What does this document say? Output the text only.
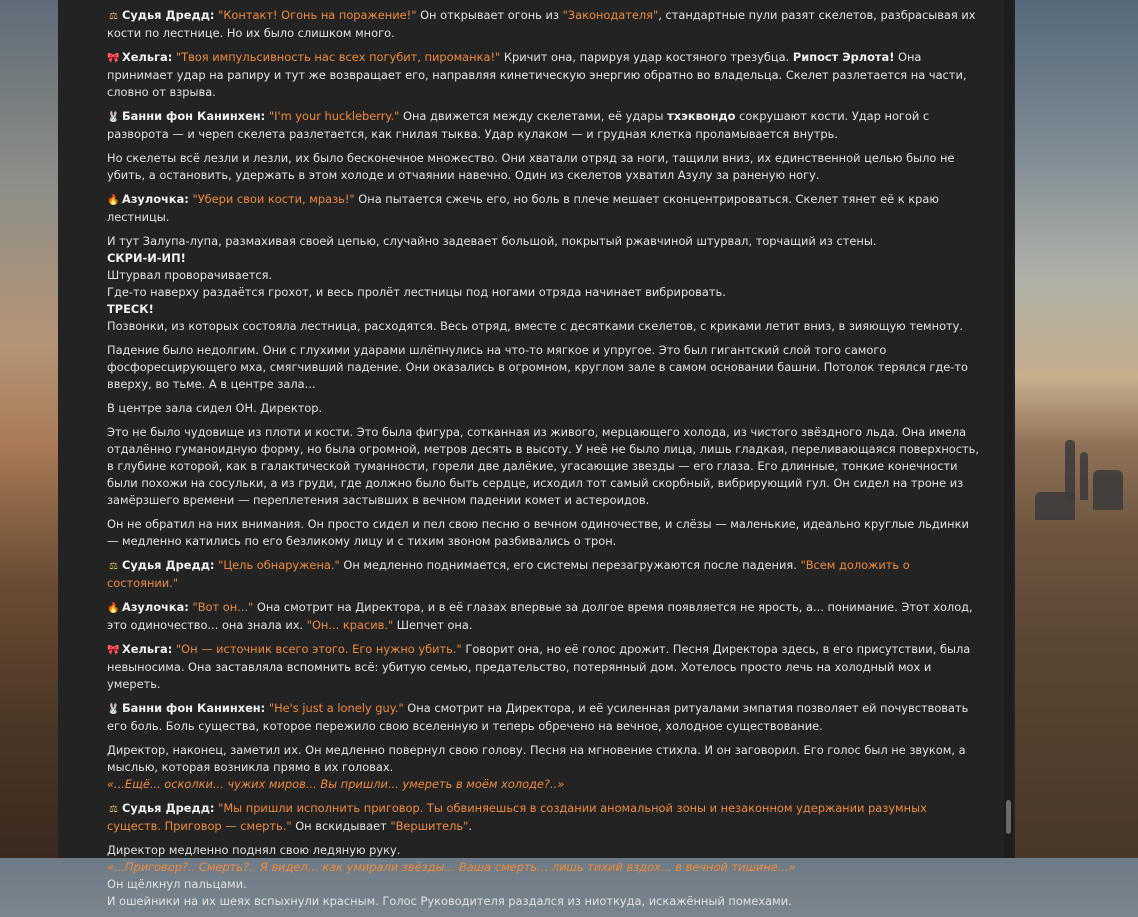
⚖ Судья Дредд: "Контакт! Огонь на поражение!" Он открывает огонь из "Законодателя", стандартные пули разят скелетов, разбрасывая их кости по лестнице. Но их было слишком много.

🎀 Хельга: "Твоя импульсивность нас всех погубит, пироманка!" Кричит она, парируя удар костяного трезубца. Рипост Эрлота! Она принимает удар на рапиру и тут же возвращает его, направляя кинетическую энергию обратно во владельца. Скелет разлетается на части, словно от взрыва.

🐰 Банни фон Канинхен: "I'm your huckleberry." Она движется между скелетами, её удары тхэквондо сокрушают кости. Удар ногой с разворота — и череп скелета разлетается, как гнилая тыква. Удар кулаком — и грудная клетка проламывается внутрь.

Но скелеты всё лезли и лезли, их было бесконечное множество. Они хватали отряд за ноги, тащили вниз, их единственной целью было не убить, а остановить, удержать в этом холоде и отчаянии навечно. Один из скелетов ухватил Азулу за раненую ногу.

🔥 Азулочка: "Убери свои кости, мразь!" Она пытается сжечь его, но боль в плече мешает сконцентрироваться. Скелет тянет её к краю лестницы.

И тут Залупа-лупа, размахивая своей цепью, случайно задевает большой, покрытый ржавчиной штурвал, торчащий из стены.
СКРИ-И-ИП!
Штурвал проворачивается.
Где-то наверху раздаётся грохот, и весь пролёт лестницы под ногами отряда начинает вибрировать.
ТРЕСК!
Позвонки, из которых состояла лестница, расходятся. Весь отряд, вместе с десятками скелетов, с криками летит вниз, в зияющую темноту.

Падение было недолгим. Они с глухими ударами шлёпнулись на что-то мягкое и упругое. Это был гигантский слой того самого фосфоресцирующего мха, смягчивший падение. Они оказались в огромном, круглом зале в самом основании башни. Потолок терялся где-то вверху, во тьме. А в центре зала...

В центре зала сидел ОН. Директор.

Это не было чудовище из плоти и кости. Это была фигура, сотканная из живого, мерцающего холода, из чистого звёздного льда. Она имела отдалённо гуманоидную форму, но была огромной, метров десять в высоту. У неё не было лица, лишь гладкая, переливающаяся поверхность, в глубине которой, как в галактической туманности, горели две далёкие, угасающие звезды — его глаза. Его длинные, тонкие конечности были похожи на сосульки, а из груди, где должно было быть сердце, исходил тот самый скорбный, вибрирующий гул. Он сидел на троне из замёрзшего времени — переплетения застывших в вечном падении комет и астероидов.

Он не обратил на них внимания. Он просто сидел и пел свою песню о вечном одиночестве, и слёзы — маленькие, идеально круглые льдинки — медленно катились по его безликому лицу и с тихим звоном разбивались о трон.

⚖ Судья Дредд: "Цель обнаружена." Он медленно поднимается, его системы перезагружаются после падения. "Всем доложить о состоянии."

🔥 Азулочка: "Вот он..." Она смотрит на Директора, и в её глазах впервые за долгое время появляется не ярость, а... понимание. Этот холод, это одиночество... она знала их. "Он... красив." Шепчет она.

🎀 Хельга: "Он — источник всего этого. Его нужно убить." Говорит она, но её голос дрожит. Песня Директора здесь, в его присутствии, была невыносима. Она заставляла вспомнить всё: убитую семью, предательство, потерянный дом. Хотелось просто лечь на холодный мох и умереть.

🐰 Банни фон Канинхен: "He's just a lonely guy." Она смотрит на Директора, и её усиленная ритуалами эмпатия позволяет ей почувствовать его боль. Боль существа, которое пережило свою вселенную и теперь обречено на вечное, холодное существование.

Директор, наконец, заметил их. Он медленно повернул свою голову. Песня на мгновение стихла. И он заговорил. Его голос был не звуком, а мыслью, которая возникла прямо в их головах.
«...Ещё... осколки... чужих миров... Вы пришли... умереть в моём холоде?..»

⚖ Судья Дредд: "Мы пришли исполнить приговор. Ты обвиняешься в создании аномальной зоны и незаконном удержании разумных существ. Приговор — смерть." Он вскидывает "Вершитель".

Директор медленно поднял свою ледяную руку.
«...Приговор?.. Смерть?.. Я видел... как умирали звёзды... Ваша смерть... лишь тихий вздох... в вечной тишине...»
Он щёлкнул пальцами.
И ошейники на их шеях вспыхнули красным. Голос Руководителя раздался из ниоткуда, искажённый помехами.
